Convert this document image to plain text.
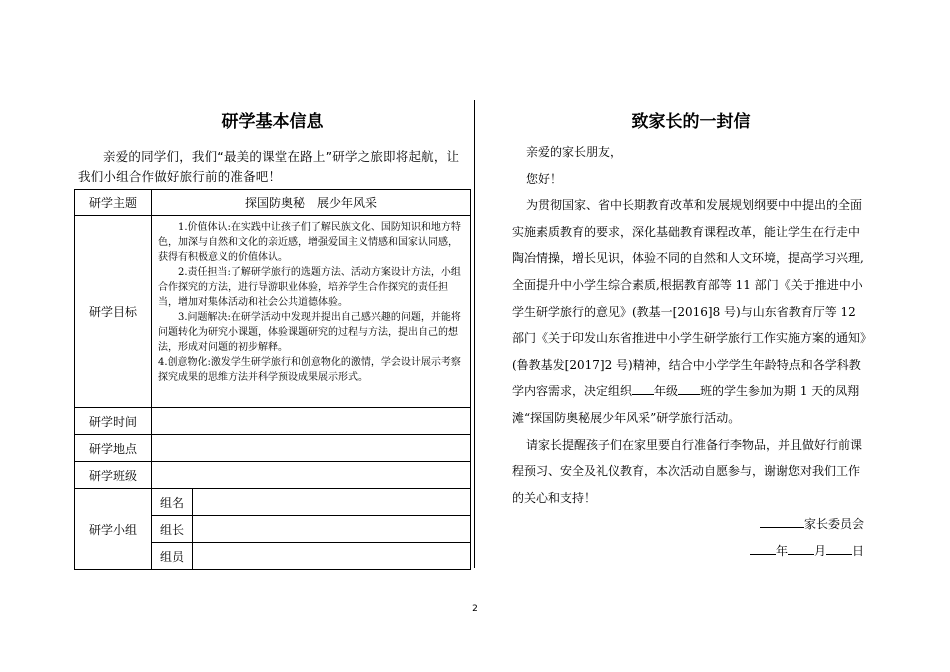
研学基本信息
亲爱的同学们，我们“最美的课堂在路上”研学之旅即将起航，让我们小组合作做好旅行前的准备吧！
研学主题	探国防奥秘　展少年风采	
研学目标	1.价值体认:在实践中让孩子们了解民族文化、国防知识和地方特色，加深与自然和文化的亲近感，增强爱国主义情感和国家认同感，获得有积极意义的价值体认。

2.责任担当:了解研学旅行的选题方法、活动方案设计方法，小组合作探究的方法，进行导游职业体验，培养学生合作探究的责任担当，增加对集体活动和社会公共道德体验。

3.问题解决:在研学活动中发现并提出自己感兴趣的问题，并能将问题转化为研究小课题，体验课题研究的过程与方法，提出自己的想法，形成对问题的初步解释。

4.创意物化:激发学生研学旅行和创意物化的激情，学会设计展示考察探究成果的思维方法并科学预设成果展示形式。	

研学时间		
研学地点		
研学班级		
研学小组	组名	
	组长	
	组员	
致家长的一封信

亲爱的家长朋友，

您好！

为贯彻国家、省中长期教育改革和发展规划纲要中中提出的全面实施素质教育的要求，深化基础教育课程改革，能让学生在行走中陶冶情操，增长见识，体验不同的自然和人文环境，提高学习兴理,全面提升中小学生综合素质,根据教育部等 11 部门《关于推进中小学生研学旅行的意见》(教基一[2016]8 号)与山东省教育厅等 12 部门《关于印发山东省推进中小学生研学旅行工作实施方案的通知》(鲁教基发[2017]2 号)精神，结合中小学学生年龄特点和各学科教学内容需求，决定组织 年级 班的学生参加为期 1 天的凤翔滩“探国防奥秘展少年风采”研学旅行活动。

请家长提醒孩子们在家里要自行准备行李物品，并且做好行前课程预习、安全及礼仪教育，本次活动自愿参与，谢谢您对我们工作的关心和支持！

家长委员会

年 月 日

2
